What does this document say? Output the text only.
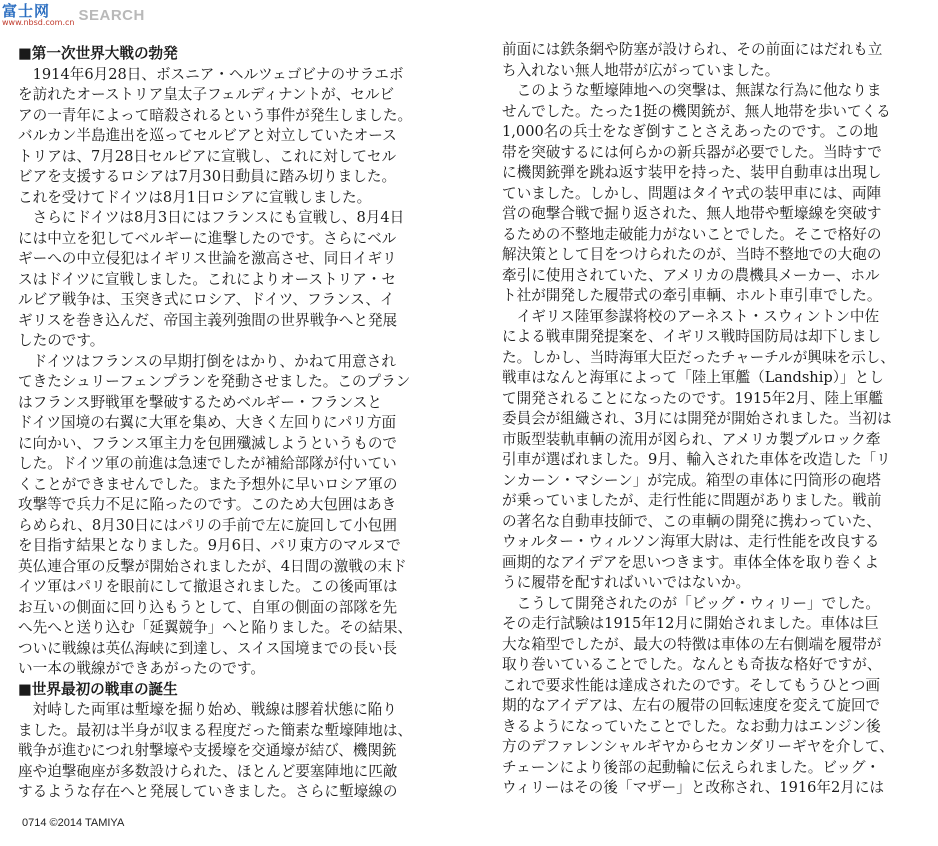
富士网
www.nbsd.com.cn SEARCH
■第一次世界大戦の勃発
　1914年6月28日、ボスニア・ヘルツェゴビナのサラエボ
を訪れたオーストリア皇太子フェルディナントが、セルビ
アの一青年によって暗殺されるという事件が発生しました。
バルカン半島進出を巡ってセルビアと対立していたオース
トリアは、7月28日セルビアに宣戦し、これに対してセル
ビアを支援するロシアは7月30日動員に踏み切りました。
これを受けてドイツは8月1日ロシアに宣戦しました。
　さらにドイツは8月3日にはフランスにも宣戦し、8月4日
には中立を犯してベルギーに進撃したのです。さらにベル
ギーへの中立侵犯はイギリス世論を激高させ、同日イギリ
スはドイツに宣戦しました。これによりオーストリア・セ
ルビア戦争は、玉突き式にロシア、ドイツ、フランス、イ
ギリスを巻き込んだ、帝国主義列強間の世界戦争へと発展
したのです。
　ドイツはフランスの早期打倒をはかり、かねて用意され
てきたシュリーフェンプランを発動させました。このプラン
はフランス野戦軍を撃破するためベルギー・フランスと
ドイツ国境の右翼に大軍を集め、大きく左回りにパリ方面
に向かい、フランス軍主力を包囲殲滅しようというもので
した。ドイツ軍の前進は急速でしたが補給部隊が付いてい
くことができませんでした。また予想外に早いロシア軍の
攻撃等で兵力不足に陥ったのです。このため大包囲はあき
らめられ、8月30日にはパリの手前で左に旋回して小包囲
を目指す結果となりました。9月6日、パリ東方のマルヌで
英仏連合軍の反撃が開始されましたが、4日間の激戦の末ド
イツ軍はパリを眼前にして撤退されました。この後両軍は
お互いの側面に回り込もうとして、自軍の側面の部隊を先
へ先へと送り込む「延翼競争」へと陥りました。その結果、
ついに戦線は英仏海峡に到達し、スイス国境までの長い長
い一本の戦線ができあがったのです。
■世界最初の戦車の誕生
　対峙した両軍は塹壕を掘り始め、戦線は膠着状態に陥り
ました。最初は半身が収まる程度だった簡素な塹壕陣地は、
戦争が進むにつれ射撃壕や支援壕を交通壕が結び、機関銃
座や迫撃砲座が多数設けられた、ほとんど要塞陣地に匹敵
するような存在へと発展していきました。さらに塹壕線の
前面には鉄条網や防塞が設けられ、その前面にはだれも立
ち入れない無人地帯が広がっていました。
　このような塹壕陣地への突撃は、無謀な行為に他なりま
せんでした。たった1挺の機関銃が、無人地帯を歩いてくる
1,000名の兵士をなぎ倒すことさえあったのです。この地
帯を突破するには何らかの新兵器が必要でした。当時すで
に機関銃弾を跳ね返す装甲を持った、装甲自動車は出現し
ていました。しかし、問題はタイヤ式の装甲車には、両陣
営の砲撃合戦で掘り返された、無人地帯や塹壕線を突破す
るための不整地走破能力がないことでした。そこで格好の
解決策として目をつけられたのが、当時不整地での大砲の
牽引に使用されていた、アメリカの農機具メーカー、ホル
ト社が開発した履帯式の牽引車輌、ホルト車引車でした。
　イギリス陸軍参謀将校のアーネスト・スウィントン中佐
による戦車開発提案を、イギリス戦時国防局は却下しまし
た。しかし、当時海軍大臣だったチャーチルが興味を示し、
戦車はなんと海軍によって「陸上軍艦（Landship）」とし
て開発されることになったのです。1915年2月、陸上軍艦
委員会が組織され、3月には開発が開始されました。当初は
市販型装軌車輌の流用が図られ、アメリカ製ブルロック牽
引車が選ばれました。9月、輸入された車体を改造した「リ
ンカーン・マシーン」が完成。箱型の車体に円筒形の砲塔
が乗っていましたが、走行性能に問題がありました。戦前
の著名な自動車技師で、この車輌の開発に携わっていた、
ウォルター・ウィルソン海軍大尉は、走行性能を改良する
画期的なアイデアを思いつきます。車体全体を取り巻くよ
うに履帯を配すればいいではないか。
　こうして開発されたのが「ビッグ・ウィリー」でした。
その走行試験は1915年12月に開始されました。車体は巨
大な箱型でしたが、最大の特徴は車体の左右側端を履帯が
取り巻いていることでした。なんとも奇抜な格好ですが、
これで要求性能は達成されたのです。そしてもうひとつ画
期的なアイデアは、左右の履帯の回転速度を変えて旋回で
きるようになっていたことでした。なお動力はエンジン後
方のデファレンシャルギヤからセカンダリーギヤを介して、
チェーンにより後部の起動輪に伝えられました。ビッグ・
ウィリーはその後「マザー」と改称され、1916年2月には
0714 ©2014 TAMIYA
